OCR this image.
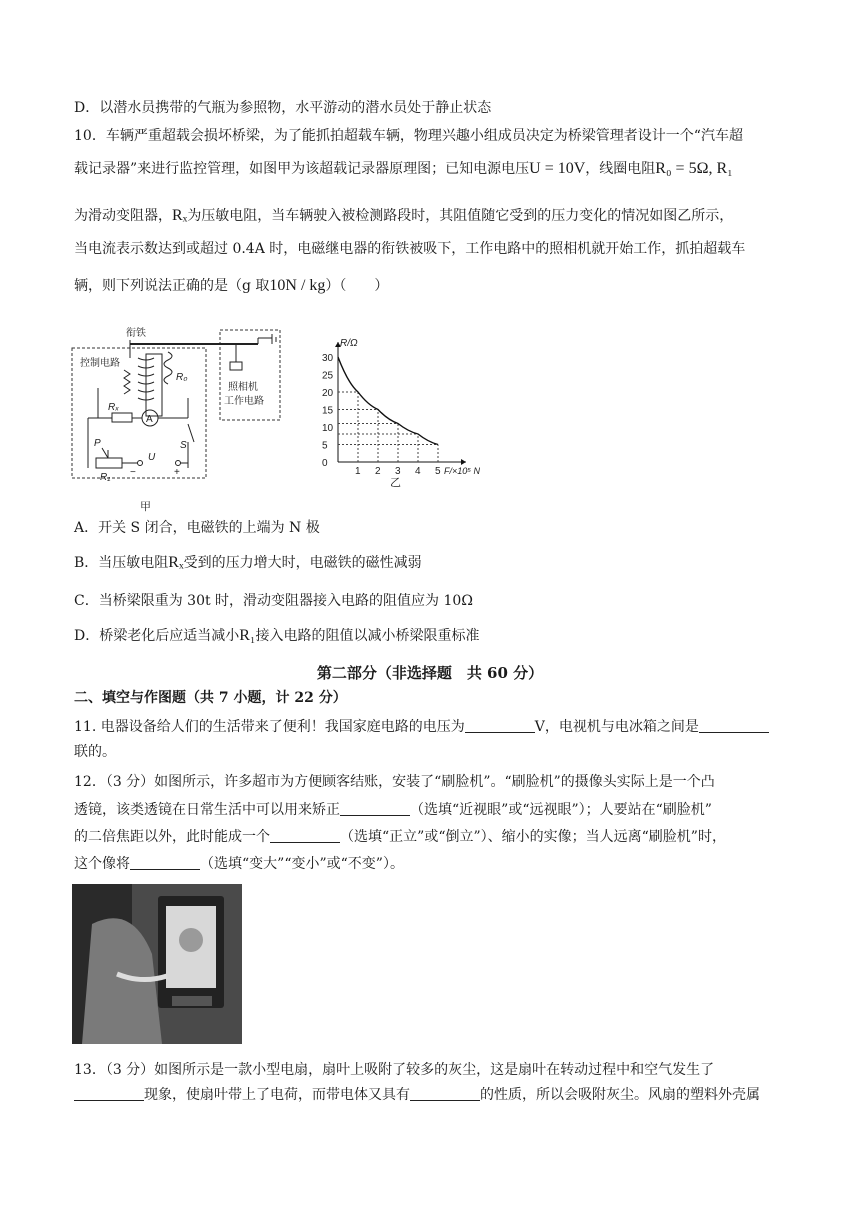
D．以潜水员携带的气瓶为参照物，水平游动的潜水员处于静止状态
10．车辆严重超载会损坏桥梁，为了能抓拍超载车辆，物理兴趣小组成员决定为桥梁管理者设计一个“汽车超
载记录器”来进行监控管理，如图甲为该超载记录器原理图；已知电源电压U = 10V，线圈电阻R₀ = 5Ω, R₁
为滑动变阻器，Rₓ为压敏电阻，当车辆驶入被检测路段时，其阻值随它受到的压力变化的情况如图乙所示，
当电流表示数达到或超过 0.4A 时，电磁继电器的衔铁被吸下，工作电路中的照相机就开始工作，抓拍超载车
辆，则下列说法正确的是（g 取10N / kg）（　　）
衔铁
R₀
控制电路
Rₓ
A
S
P
R₁
U
−	+
照相机
工作电路
甲
1 2 3 4 5
0
5
10
15
20
25
30
R/Ω
F/×10⁵ N
乙
A．开关 S 闭合，电磁铁的上端为 N 极
B．当压敏电阻Rₓ受到的压力增大时，电磁铁的磁性减弱
C．当桥梁限重为 30t 时，滑动变阻器接入电路的阻值应为 10Ω
D．桥梁老化后应适当减小R₁接入电路的阻值以减小桥梁限重标准
第二部分（非选择题　共 60 分）
二、填空与作图题（共 7 小题，计 22 分）
11. 电器设备给人们的生活带来了便利！我国家庭电路的电压为	V，电视机与电冰箱之间是
联的。
12．（3 分）如图所示，许多超市为方便顾客结账，安装了“刷脸机”。“刷脸机”的摄像头实际上是一个凸
透镜，该类透镜在日常生活中可以用来矫正	（选填“近视眼”或“远视眼”）；人要站在“刷脸机”
的二倍焦距以外，此时能成一个	（选填“正立”或“倒立”）、缩小的实像；当人远离“刷脸机”时，
这个像将	（选填“变大”“变小”或“不变”）。
13．（3 分）如图所示是一款小型电扇，扇叶上吸附了较多的灰尘，这是扇叶在转动过程中和空气发生了
现象，使扇叶带上了电荷，而带电体又具有	的性质，所以会吸附灰尘。风扇的塑料外壳属
